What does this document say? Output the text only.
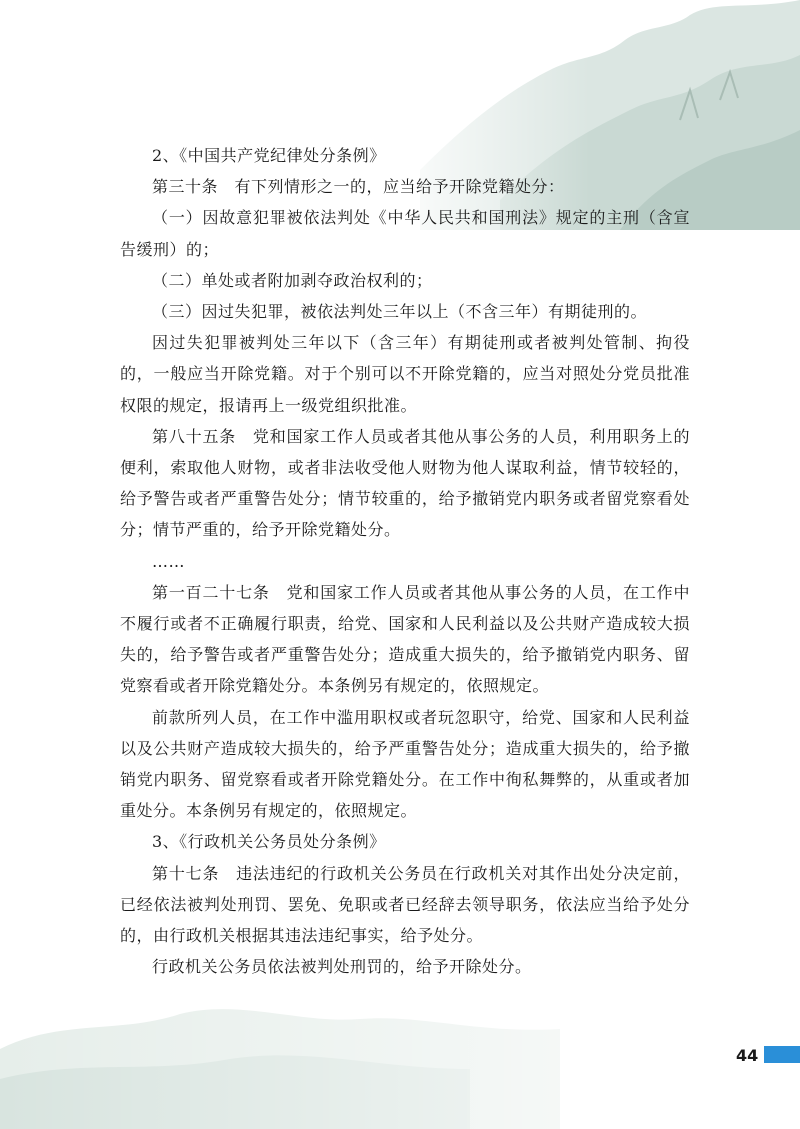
2、《中国共产党纪律处分条例》

第三十条　有下列情形之一的，应当给予开除党籍处分：

（一）因故意犯罪被依法判处《中华人民共和国刑法》规定的主刑（含宣告缓刑）的；

（二）单处或者附加剥夺政治权利的；

（三）因过失犯罪，被依法判处三年以上（不含三年）有期徒刑的。

因过失犯罪被判处三年以下（含三年）有期徒刑或者被判处管制、拘役的，一般应当开除党籍。对于个别可以不开除党籍的，应当对照处分党员批准权限的规定，报请再上一级党组织批准。

第八十五条　党和国家工作人员或者其他从事公务的人员，利用职务上的便利，索取他人财物，或者非法收受他人财物为他人谋取利益，情节较轻的，给予警告或者严重警告处分；情节较重的，给予撤销党内职务或者留党察看处分；情节严重的，给予开除党籍处分。

……

第一百二十七条　党和国家工作人员或者其他从事公务的人员，在工作中不履行或者不正确履行职责，给党、国家和人民利益以及公共财产造成较大损失的，给予警告或者严重警告处分；造成重大损失的，给予撤销党内职务、留党察看或者开除党籍处分。本条例另有规定的，依照规定。

前款所列人员，在工作中滥用职权或者玩忽职守，给党、国家和人民利益以及公共财产造成较大损失的，给予严重警告处分；造成重大损失的，给予撤销党内职务、留党察看或者开除党籍处分。在工作中徇私舞弊的，从重或者加重处分。本条例另有规定的，依照规定。

3、《行政机关公务员处分条例》

第十七条　违法违纪的行政机关公务员在行政机关对其作出处分决定前，已经依法被判处刑罚、罢免、免职或者已经辞去领导职务，依法应当给予处分的，由行政机关根据其违法违纪事实，给予处分。

行政机关公务员依法被判处刑罚的，给予开除处分。

44
